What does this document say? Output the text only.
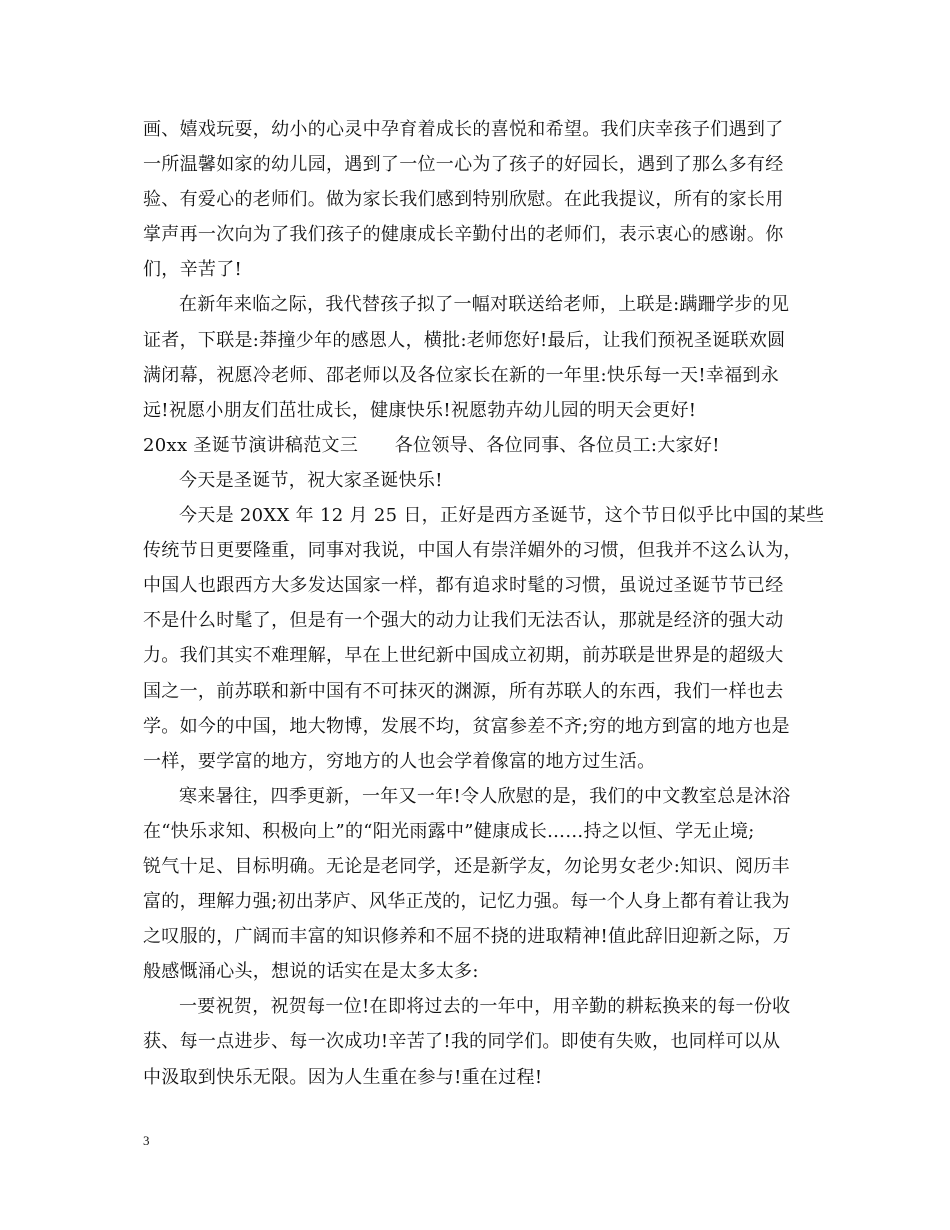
画、嬉戏玩耍，幼小的心灵中孕育着成长的喜悦和希望。我们庆幸孩子们遇到了
一所温馨如家的幼儿园，遇到了一位一心为了孩子的好园长，遇到了那么多有经
验、有爱心的老师们。做为家长我们感到特别欣慰。在此我提议，所有的家长用
掌声再一次向为了我们孩子的健康成长辛勤付出的老师们，表示衷心的感谢。你
们，辛苦了!
在新年来临之际，我代替孩子拟了一幅对联送给老师，上联是:蹒跚学步的见
证者，下联是:莽撞少年的感恩人，横批:老师您好!最后，让我们预祝圣诞联欢圆
满闭幕，祝愿冷老师、邵老师以及各位家长在新的一年里:快乐每一天!幸福到永
远!祝愿小朋友们茁壮成长，健康快乐!祝愿勃卉幼儿园的明天会更好!
20xx 圣诞节演讲稿范文三　　各位领导、各位同事、各位员工:大家好!
今天是圣诞节，祝大家圣诞快乐!
今天是 20XX 年 12 月 25 日，正好是西方圣诞节，这个节日似乎比中国的某些
传统节日更要隆重，同事对我说，中国人有崇洋媚外的习惯，但我并不这么认为，
中国人也跟西方大多发达国家一样，都有追求时髦的习惯，虽说过圣诞节节已经
不是什么时髦了，但是有一个强大的动力让我们无法否认，那就是经济的强大动
力。我们其实不难理解，早在上世纪新中国成立初期，前苏联是世界是的超级大
国之一，前苏联和新中国有不可抹灭的渊源，所有苏联人的东西，我们一样也去
学。如今的中国，地大物博，发展不均，贫富参差不齐;穷的地方到富的地方也是
一样，要学富的地方，穷地方的人也会学着像富的地方过生活。
寒来暑往，四季更新，一年又一年!令人欣慰的是，我们的中文教室总是沐浴
在“快乐求知、积极向上”的“阳光雨露中”健康成长……持之以恒、学无止境;
锐气十足、目标明确。无论是老同学，还是新学友，勿论男女老少:知识、阅历丰
富的，理解力强;初出茅庐、风华正茂的，记忆力强。每一个人身上都有着让我为
之叹服的，广阔而丰富的知识修养和不屈不挠的进取精神!值此辞旧迎新之际，万
般感慨涌心头，想说的话实在是太多太多:
一要祝贺，祝贺每一位!在即将过去的一年中，用辛勤的耕耘换来的每一份收
获、每一点进步、每一次成功!辛苦了!我的同学们。即使有失败，也同样可以从
中汲取到快乐无限。因为人生重在参与!重在过程!
3
